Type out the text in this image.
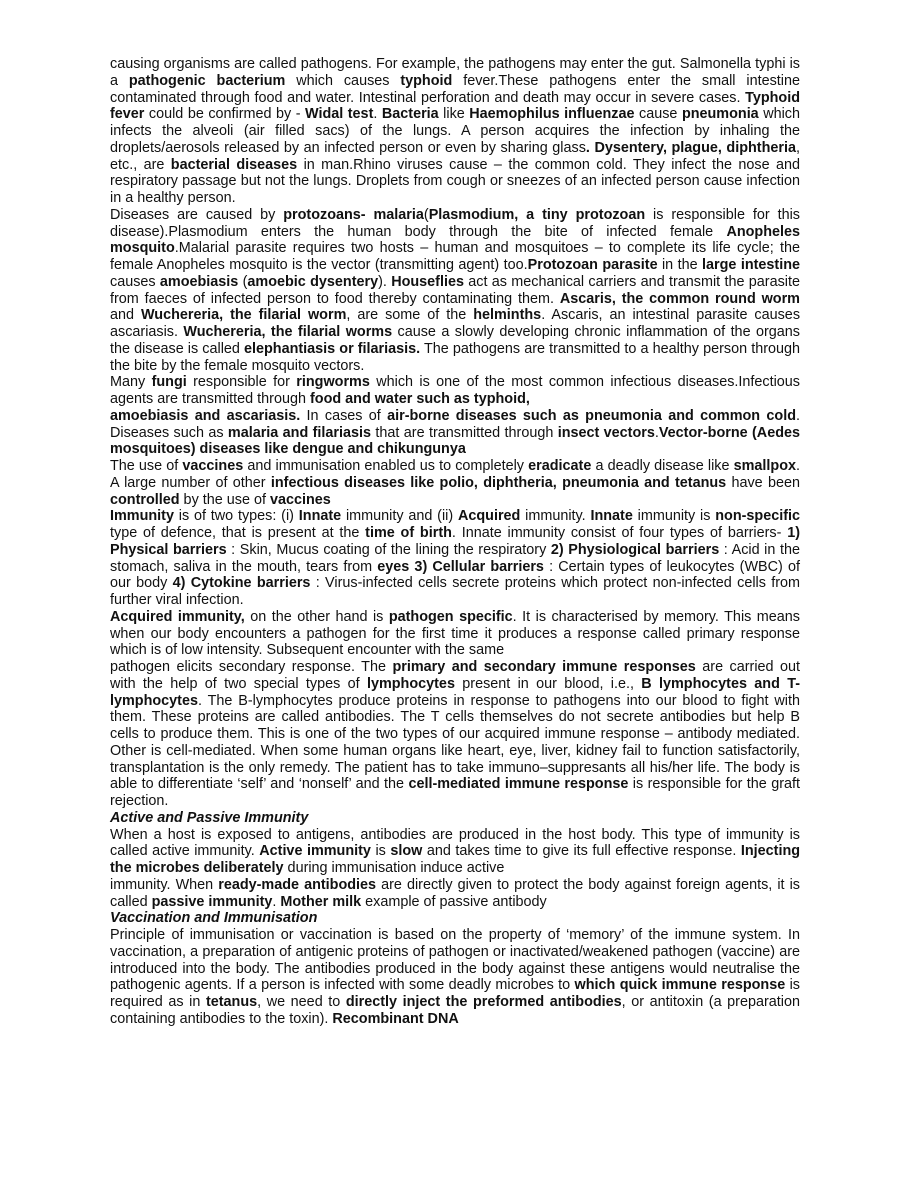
causing organisms are called pathogens. For example, the pathogens may enter the gut. Salmonella typhi is a pathogenic bacterium which causes typhoid fever.These pathogens enter the small intestine contaminated through food and water. Intestinal perforation and death may occur in severe cases. Typhoid fever could be confirmed by - Widal test. Bacteria like Haemophilus influenzae cause pneumonia which infects the alveoli (air filled sacs) of the lungs. A person acquires the infection by inhaling the droplets/aerosols released by an infected person or even by sharing glass. Dysentery, plague, diphtheria, etc., are bacterial diseases in man.Rhino viruses cause – the common cold. They infect the nose and respiratory passage but not the lungs. Droplets from cough or sneezes of an infected person cause infection in a healthy person.

Diseases are caused by protozoans- malaria(Plasmodium, a tiny protozoan is responsible for this disease).Plasmodium enters the human body through the bite of infected female Anopheles mosquito.Malarial parasite requires two hosts – human and mosquitoes – to complete its life cycle; the female Anopheles mosquito is the vector (transmitting agent) too.Protozoan parasite in the large intestine causes amoebiasis (amoebic dysentery). Houseflies act as mechanical carriers and transmit the parasite from faeces of infected person to food thereby contaminating them. Ascaris, the common round worm and Wuchereria, the filarial worm, are some of the helminths. Ascaris, an intestinal parasite causes ascariasis. Wuchereria, the filarial worms cause a slowly developing chronic inflammation of the organs the disease is called elephantiasis or filariasis. The pathogens are transmitted to a healthy person through the bite by the female mosquito vectors.

Many fungi responsible for ringworms which is one of the most common infectious diseases.Infectious agents are transmitted through food and water such as typhoid,

amoebiasis and ascariasis. In cases of air-borne diseases such as pneumonia and common cold. Diseases such as malaria and filariasis that are transmitted through insect vectors.Vector-borne (Aedes mosquitoes) diseases like dengue and chikungunya

The use of vaccines and immunisation enabled us to completely eradicate a deadly disease like smallpox. A large number of other infectious diseases like polio, diphtheria, pneumonia and tetanus have been controlled by the use of vaccines

Immunity is of two types: (i) Innate immunity and (ii) Acquired immunity. Innate immunity is non-specific type of defence, that is present at the time of birth. Innate immunity consist of four types of barriers- 1) Physical barriers : Skin, Mucus coating of the lining the respiratory 2) Physiological barriers : Acid in the stomach, saliva in the mouth, tears from eyes 3) Cellular barriers : Certain types of leukocytes (WBC) of our body 4) Cytokine barriers : Virus-infected cells secrete proteins which protect non-infected cells from further viral infection.

Acquired immunity, on the other hand is pathogen specific. It is characterised by memory. This means when our body encounters a pathogen for the first time it produces a response called primary response which is of low intensity. Subsequent encounter with the same

pathogen elicits secondary response. The primary and secondary immune responses are carried out with the help of two special types of lymphocytes present in our blood, i.e., B lymphocytes and T-lymphocytes. The B-lymphocytes produce proteins in response to pathogens into our blood to fight with them. These proteins are called antibodies. The T cells themselves do not secrete antibodies but help B cells to produce them. This is one of the two types of our acquired immune response – antibody mediated. Other is cell-mediated. When some human organs like heart, eye, liver, kidney fail to function satisfactorily, transplantation is the only remedy. The patient has to take immuno–suppresants all his/her life. The body is able to differentiate ‘self’ and ‘nonself’ and the cell-mediated immune response is responsible for the graft rejection.

Active and Passive Immunity

When a host is exposed to antigens, antibodies are produced in the host body. This type of immunity is called active immunity. Active immunity is slow and takes time to give its full effective response. Injecting the microbes deliberately during immunisation induce active

immunity. When ready-made antibodies are directly given to protect the body against foreign agents, it is called passive immunity. Mother milk example of passive antibody

Vaccination and Immunisation

Principle of immunisation or vaccination is based on the property of ‘memory’ of the immune system. In vaccination, a preparation of antigenic proteins of pathogen or inactivated/weakened pathogen (vaccine) are introduced into the body. The antibodies produced in the body against these antigens would neutralise the pathogenic agents. If a person is infected with some deadly microbes to which quick immune response is required as in tetanus, we need to directly inject the preformed antibodies, or antitoxin (a preparation containing antibodies to the toxin). Recombinant DNA
